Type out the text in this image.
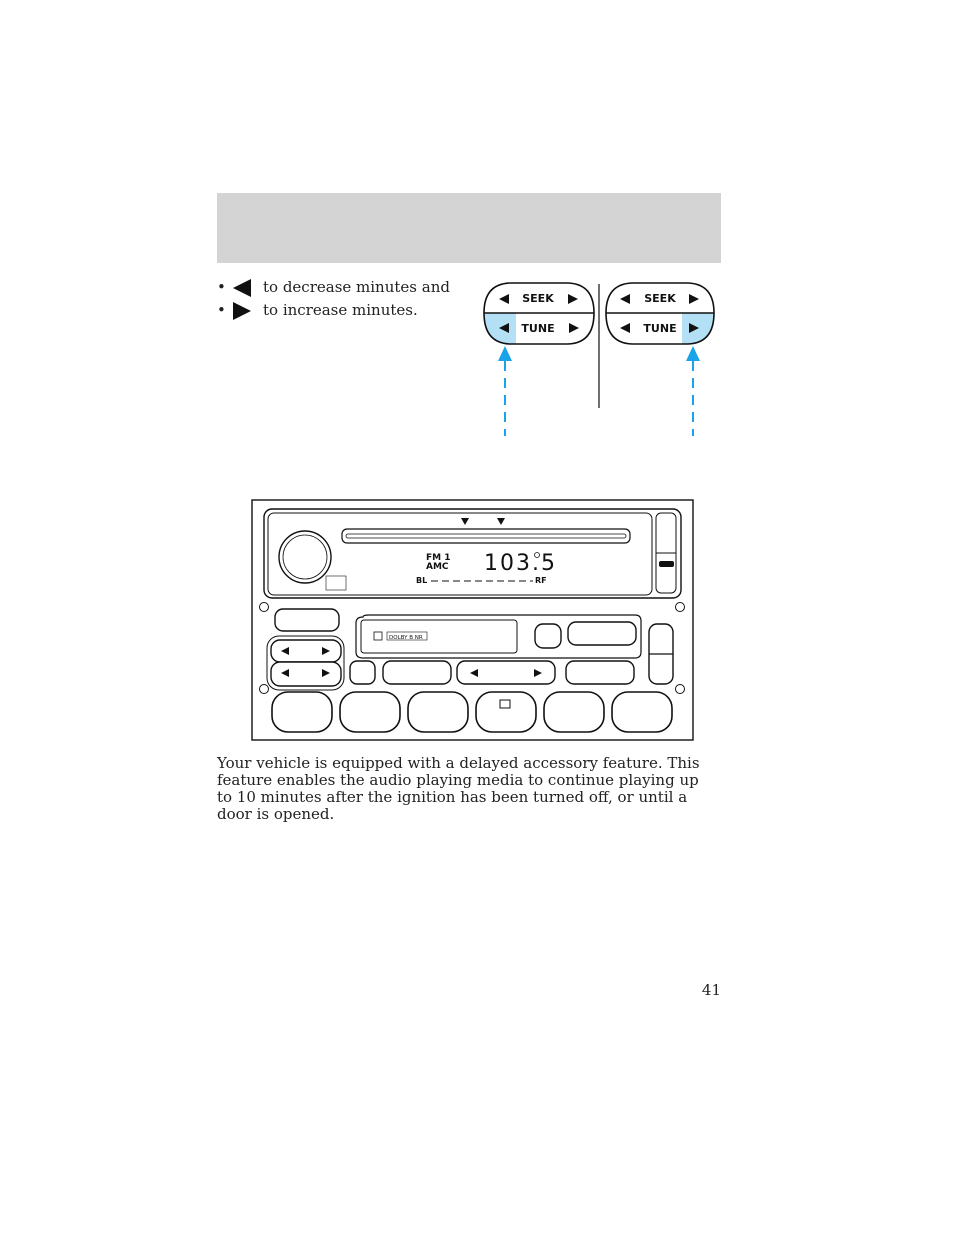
•	to decrease minutes and
•	to increase minutes.
SEEK
TUNE
SEEK
TUNE
FM 1
AMC 103.5
BL	RF
DOLBY B NR
Your vehicle is equipped with a delayed accessory feature. This feature enables the audio playing media to continue playing up to 10 minutes after the ignition has been turned off, or until a door is opened.
41
